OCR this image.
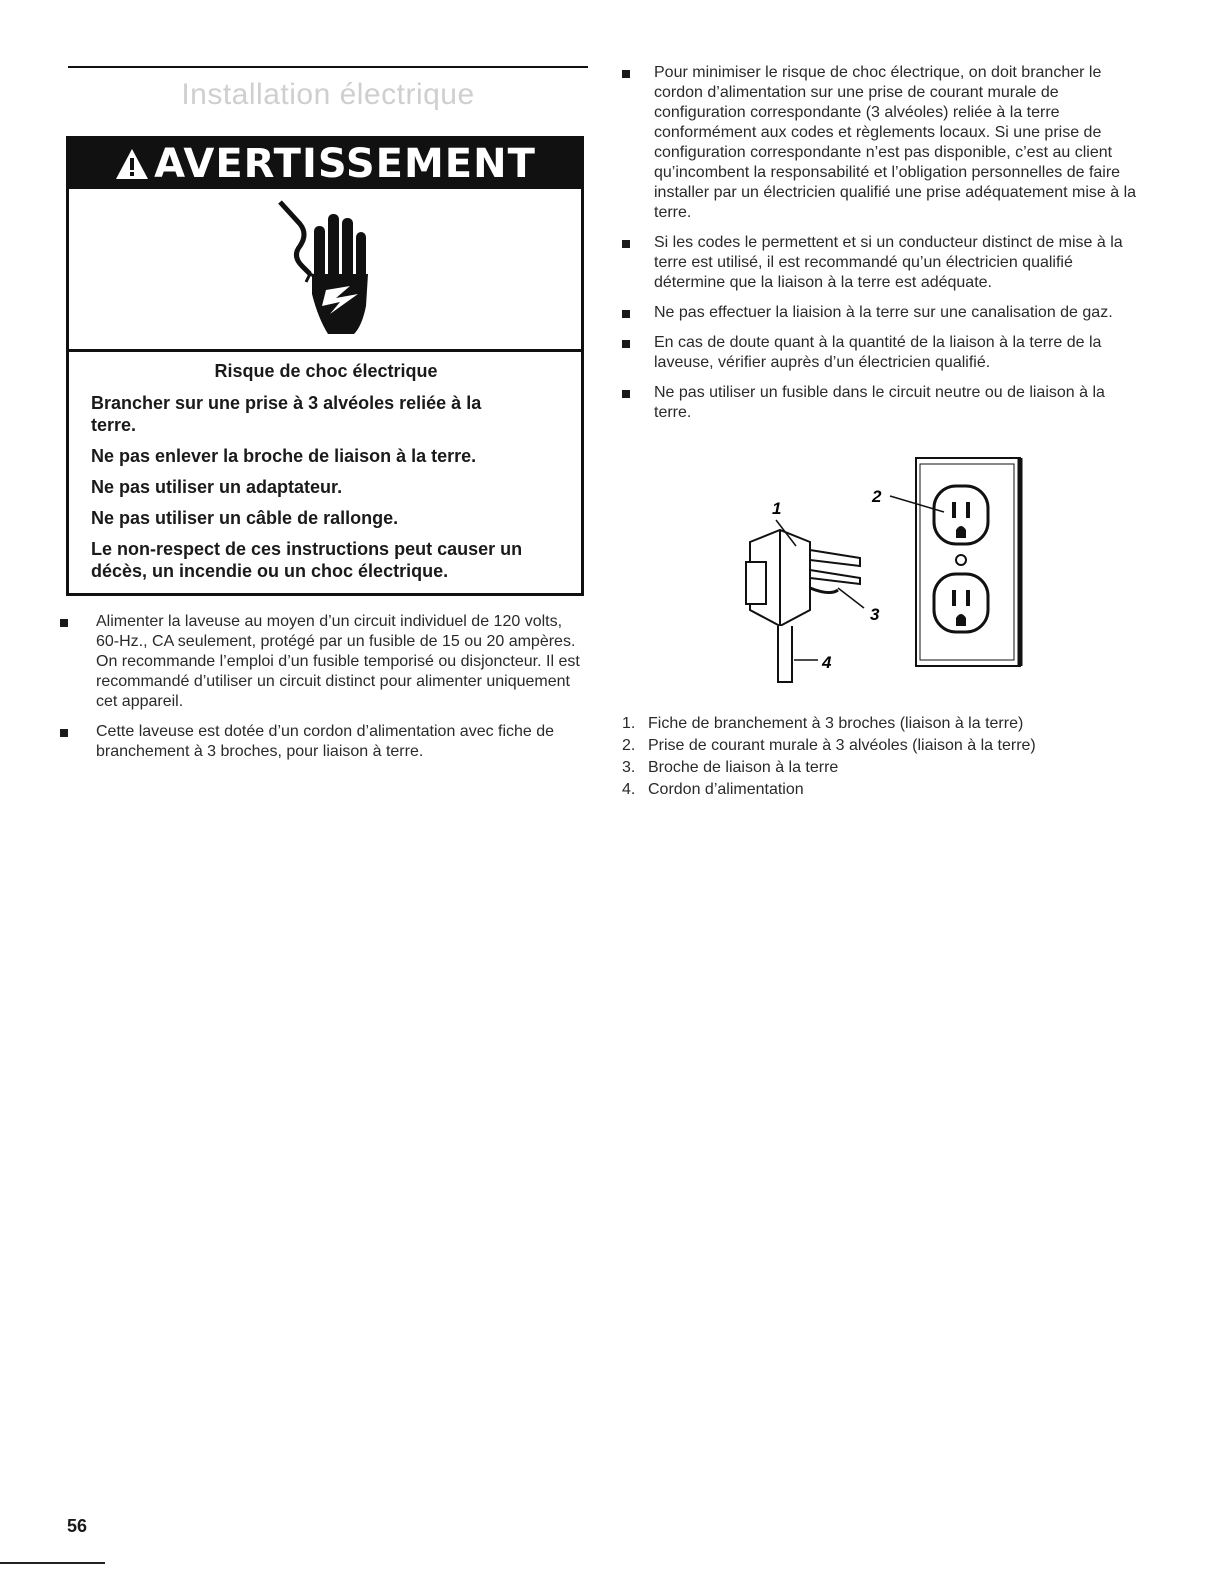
Installation électrique
AVERTISSEMENT

Risque de choc électrique

Brancher sur une prise à 3 alvéoles reliée à la terre.

Ne pas enlever la broche de liaison à la terre.

Ne pas utiliser un adaptateur.

Ne pas utiliser un câble de rallonge.

Le non-respect de ces instructions peut causer un décès, un incendie ou un choc électrique.

Alimenter la laveuse au moyen d’un circuit individuel de 120 volts, 60-Hz., CA seulement, protégé par un fusible de 15 ou 20 ampères. On recommande l’emploi d’un fusible temporisé ou disjoncteur. Il est recommandé d’utiliser un circuit distinct pour alimenter uniquement cet appareil.
Cette laveuse est dotée d’un cordon d’alimentation avec fiche de branchement à 3 broches, pour liaison à terre.
Pour minimiser le risque de choc électrique, on doit brancher le cordon d’alimentation sur une prise de courant murale de configuration correspondante (3 alvéoles) reliée à la terre conformément aux codes et règlements locaux. Si une prise de configuration correspondante n’est pas disponible, c’est au client qu’incombent la responsabilité et l’obligation personnelles de faire installer par un électricien qualifié une prise adéquatement mise à la terre.
Si les codes le permettent et si un conducteur distinct de mise à la terre est utilisé, il est recommandé qu’un électricien qualifié détermine que la liaison à la terre est adéquate.
Ne pas effectuer la liaision à la terre sur une canalisation de gaz.
En cas de doute quant à la quantité de la liaison à la terre de la laveuse, vérifier auprès d’un électricien qualifié.
Ne pas utiliser un fusible dans le circuit neutre ou de liaison à la terre.
1
2
3
4
1. Fiche de branchement à 3 broches (liaison à la terre)
2. Prise de courant murale à 3 alvéoles (liaison à la terre)
3. Broche de liaison à la terre
4. Cordon d’alimentation
56
